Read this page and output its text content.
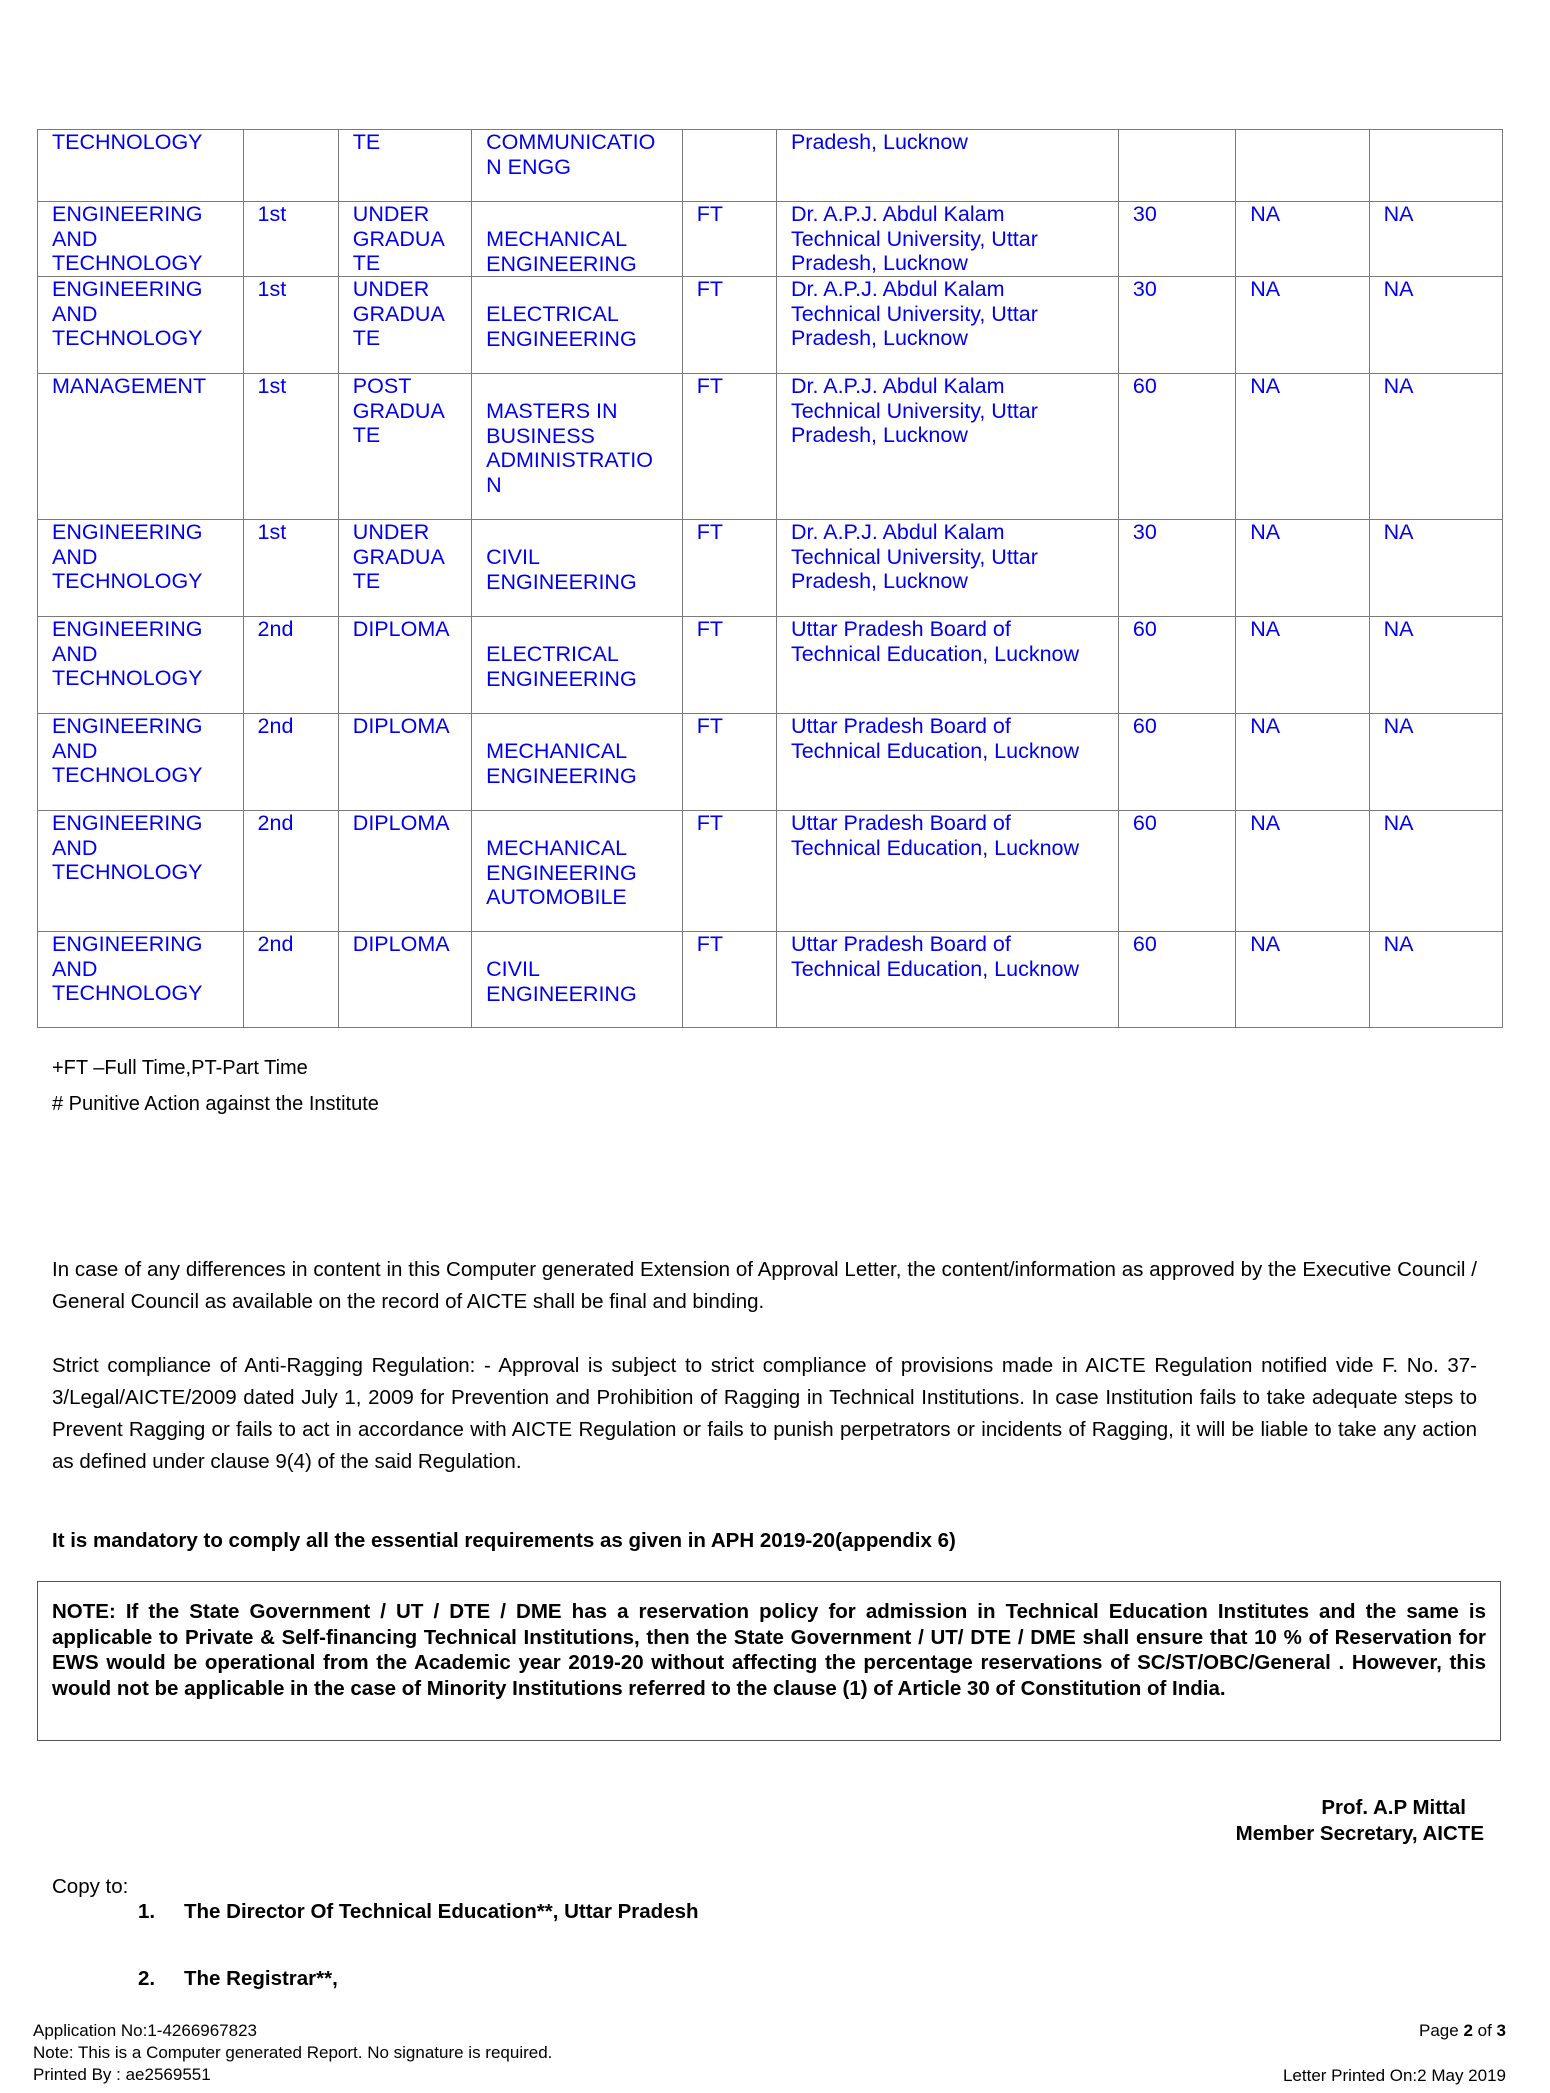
TECHNOLOGY		TE	COMMUNICATIO
N ENGG		Pradesh, Lucknow			

ENGINEERING
AND
TECHNOLOGY	1st	UNDER
GRADUA
TE	MECHANICAL
ENGINEERING	FT	Dr. A.P.J. Abdul Kalam
Technical University, Uttar
Pradesh, Lucknow	30	NA	NA

ENGINEERING
AND
TECHNOLOGY	1st	UNDER
GRADUA
TE	ELECTRICAL
ENGINEERING	FT	Dr. A.P.J. Abdul Kalam
Technical University, Uttar
Pradesh, Lucknow	30	NA	NA

MANAGEMENT	1st	POST
GRADUA
TE	MASTERS IN
BUSINESS
ADMINISTRATIO
N	FT	Dr. A.P.J. Abdul Kalam
Technical University, Uttar
Pradesh, Lucknow	60	NA	NA

ENGINEERING
AND
TECHNOLOGY	1st	UNDER
GRADUA
TE	CIVIL
ENGINEERING	FT	Dr. A.P.J. Abdul Kalam
Technical University, Uttar
Pradesh, Lucknow	30	NA	NA

ENGINEERING
AND
TECHNOLOGY	2nd	DIPLOMA	ELECTRICAL
ENGINEERING	FT	Uttar Pradesh Board of
Technical Education, Lucknow	60	NA	NA

ENGINEERING
AND
TECHNOLOGY	2nd	DIPLOMA	MECHANICAL
ENGINEERING	FT	Uttar Pradesh Board of
Technical Education, Lucknow	60	NA	NA

ENGINEERING
AND
TECHNOLOGY	2nd	DIPLOMA	MECHANICAL
ENGINEERING
AUTOMOBILE	FT	Uttar Pradesh Board of
Technical Education, Lucknow	60	NA	NA

ENGINEERING
AND
TECHNOLOGY	2nd	DIPLOMA	CIVIL
ENGINEERING	FT	Uttar Pradesh Board of
Technical Education, Lucknow	60	NA	NA
+FT –Full Time,PT-Part Time
# Punitive Action against the Institute
In case of any differences in content in this Computer generated Extension of Approval Letter, the content/information as approved by the Executive Council / General Council as available on the record of AICTE shall be final and binding.
Strict compliance of Anti-Ragging Regulation: - Approval is subject to strict compliance of provisions made in AICTE Regulation notified vide F. No. 37-3/Legal/AICTE/2009 dated July 1, 2009 for Prevention and Prohibition of Ragging in Technical Institutions. In case Institution fails to take adequate steps to Prevent Ragging or fails to act in accordance with AICTE Regulation or fails to punish perpetrators or incidents of Ragging, it will be liable to take any action as defined under clause 9(4) of the said Regulation.
It is mandatory to comply all the essential requirements as given in APH 2019-20(appendix 6)
NOTE: If the State Government / UT / DTE / DME has a reservation policy for admission in Technical Education Institutes and the same is applicable to Private & Self-financing Technical Institutions, then the State Government / UT/ DTE / DME shall ensure that 10 % of Reservation for EWS would be operational from the Academic year 2019-20 without affecting the percentage reservations of SC/ST/OBC/General . However, this would not be applicable in the case of Minority Institutions referred to the clause (1) of Article 30 of Constitution of India.
Prof. A.P Mittal
Member Secretary, AICTE
Copy to:
1. The Director Of Technical Education**, Uttar Pradesh
2. The Registrar**,
Application No:1-4266967823
Note: This is a Computer generated Report. No signature is required.
Printed By : ae2569551
Page 2 of 3
Letter Printed On:2 May 2019
